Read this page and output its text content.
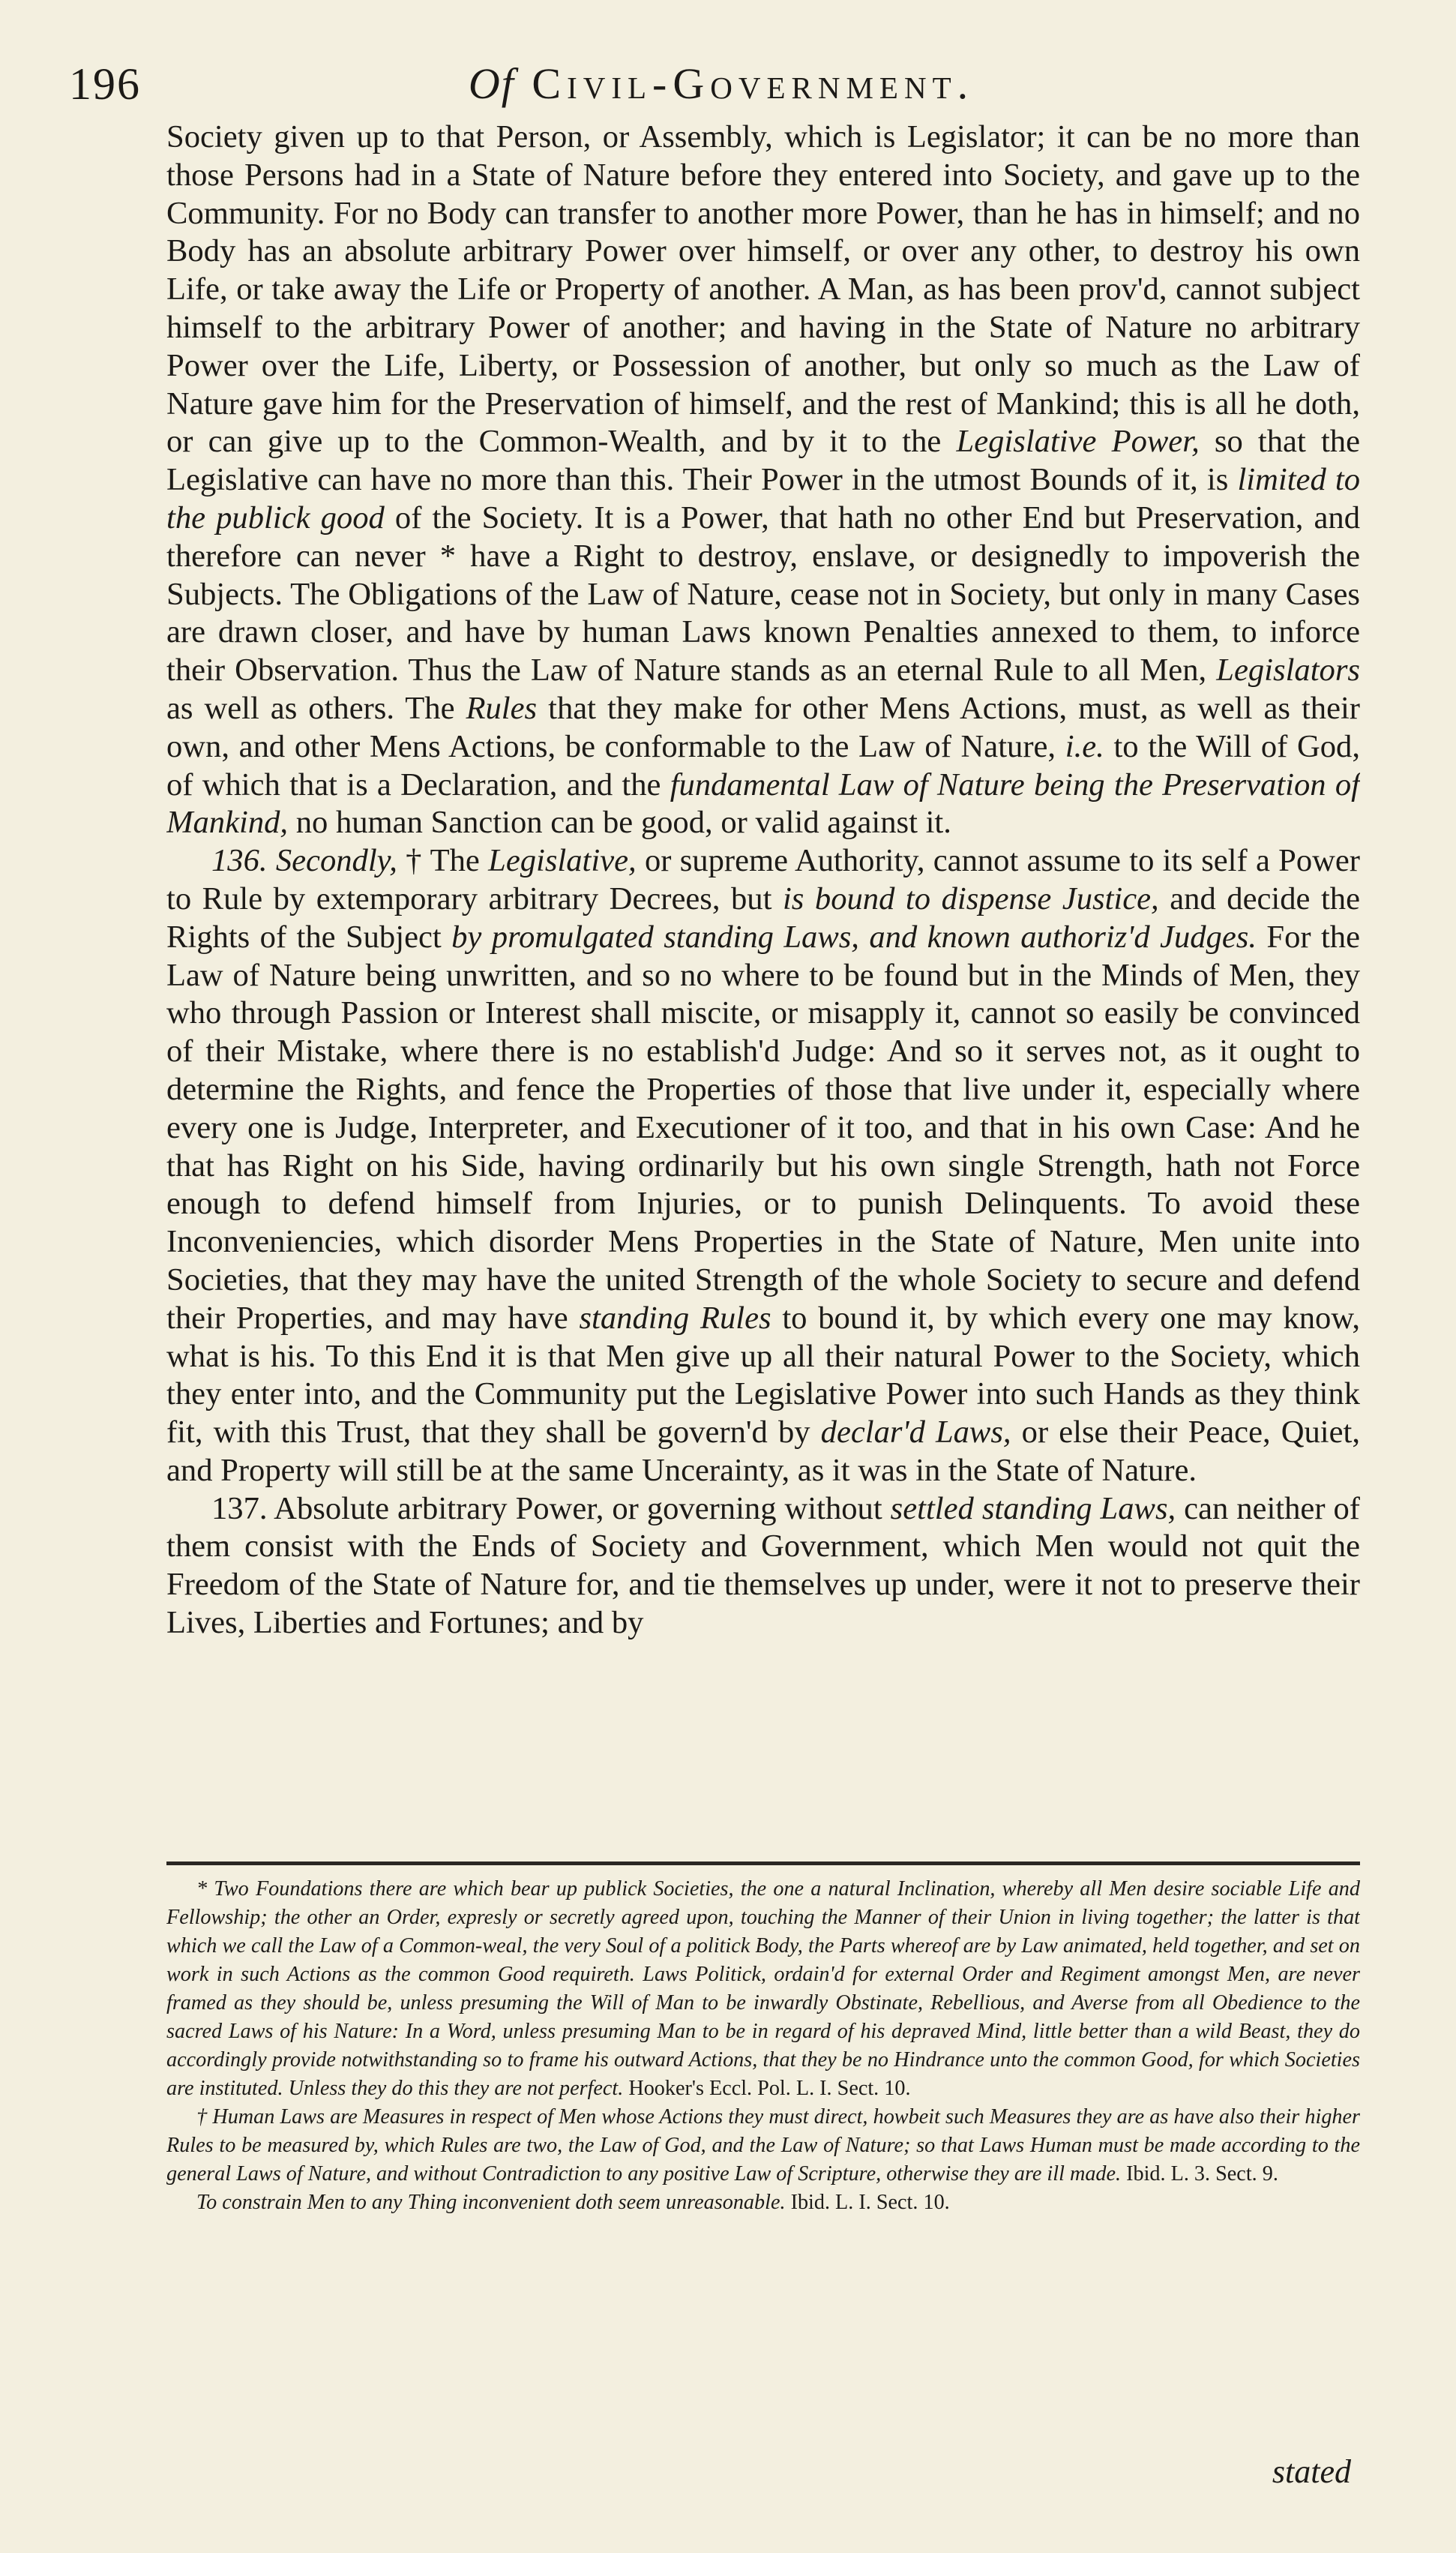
196	Of Civil-Government.

Society given up to that Person, or Assembly, which is Legislator; it can be no more than those Persons had in a State of Nature before they entered into Society, and gave up to the Community. For no Body can transfer to another more Power, than he has in himself; and no Body has an absolute arbitrary Power over himself, or over any other, to destroy his own Life, or take away the Life or Property of another. A Man, as has been prov'd, cannot subject himself to the arbitrary Power of another; and having in the State of Nature no arbitrary Power over the Life, Liberty, or Possession of another, but only so much as the Law of Nature gave him for the Preservation of himself, and the rest of Mankind; this is all he doth, or can give up to the Common-Wealth, and by it to the Legislative Power, so that the Legislative can have no more than this. Their Power in the utmost Bounds of it, is limited to the publick good of the Society. It is a Power, that hath no other End but Preservation, and therefore can never * have a Right to destroy, enslave, or designedly to impoverish the Subjects. The Obligations of the Law of Nature, cease not in Society, but only in many Cases are drawn closer, and have by human Laws known Penalties annexed to them, to inforce their Observation. Thus the Law of Nature stands as an eternal Rule to all Men, Legislators as well as others. The Rules that they make for other Mens Actions, must, as well as their own, and other Mens Actions, be conformable to the Law of Nature, i.e. to the Will of God, of which that is a Declaration, and the fundamental Law of Nature being the Preservation of Mankind, no human Sanction can be good, or valid against it.

136. Secondly, † The Legislative, or supreme Authority, cannot assume to its self a Power to Rule by extemporary arbitrary Decrees, but is bound to dispense Justice, and decide the Rights of the Subject by promulgated standing Laws, and known authoriz'd Judges. For the Law of Nature being unwritten, and so no where to be found but in the Minds of Men, they who through Passion or Interest shall miscite, or misapply it, cannot so easily be convinced of their Mistake, where there is no establish'd Judge: And so it serves not, as it ought to determine the Rights, and fence the Properties of those that live under it, especially where every one is Judge, Interpreter, and Executioner of it too, and that in his own Case: And he that has Right on his Side, having ordinarily but his own single Strength, hath not Force enough to defend himself from Injuries, or to punish Delinquents. To avoid these Inconveniencies, which disorder Mens Properties in the State of Nature, Men unite into Societies, that they may have the united Strength of the whole Society to secure and defend their Properties, and may have standing Rules to bound it, by which every one may know, what is his. To this End it is that Men give up all their natural Power to the Society, which they enter into, and the Community put the Legislative Power into such Hands as they think fit, with this Trust, that they shall be govern'd by declar'd Laws, or else their Peace, Quiet, and Property will still be at the same Uncerainty, as it was in the State of Nature.

137. Absolute arbitrary Power, or governing without settled standing Laws, can neither of them consist with the Ends of Society and Government, which Men would not quit the Freedom of the State of Nature for, and tie themselves up under, were it not to preserve their Lives, Liberties and Fortunes; and by

* Two Foundations there are which bear up publick Societies, the one a natural Inclination, whereby all Men desire sociable Life and Fellowship; the other an Order, expresly or secretly agreed upon, touching the Manner of their Union in living together; the latter is that which we call the Law of a Common-weal, the very Soul of a politick Body, the Parts whereof are by Law animated, held together, and set on work in such Actions as the common Good requireth. Laws Politick, ordain'd for external Order and Regiment amongst Men, are never framed as they should be, unless presuming the Will of Man to be inwardly Obstinate, Rebellious, and Averse from all Obedience to the sacred Laws of his Nature: In a Word, unless presuming Man to be in regard of his depraved Mind, little better than a wild Beast, they do accordingly provide notwithstanding so to frame his outward Actions, that they be no Hindrance unto the common Good, for which Societies are instituted. Unless they do this they are not perfect. Hooker's Eccl. Pol. L. I. Sect. 10.

† Human Laws are Measures in respect of Men whose Actions they must direct, howbeit such Measures they are as have also their higher Rules to be measured by, which Rules are two, the Law of God, and the Law of Nature; so that Laws Human must be made according to the general Laws of Nature, and without Contradiction to any positive Law of Scripture, otherwise they are ill made. Ibid. L. 3. Sect. 9.

To constrain Men to any Thing inconvenient doth seem unreasonable. Ibid. L. I. Sect. 10.

stated
